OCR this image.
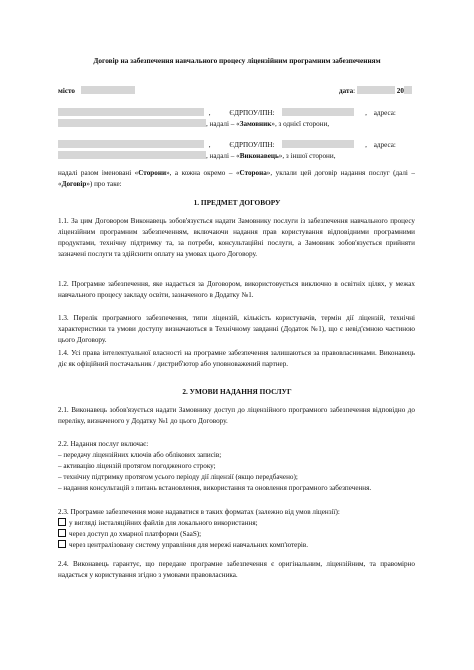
Договір на забезпечення навчального процесу ліцензійним програмним забезпеченням
місто	дата:	20
,	ЄДРПОУ/ІПН:	, адреса:
, надалі – «Замовник», з однієї сторони,
,	ЄДРПОУ/ІПН:	, адреса:
, надалі – «Виконавець», з іншої сторони,
надалі разом іменовані «Сторони», а кожна окремо – «Сторона», уклали цей договір надання послуг (далі – «Договір») про таке:
1. ПРЕДМЕТ ДОГОВОРУ
1.1. За цим Договором Виконавець зобов'язується надати Замовнику послуги із забезпечення навчального процесу ліцензійним програмним забезпеченням, включаючи надання прав користування відповідними програмними продуктами, технічну підтримку та, за потреби, консультаційні послуги, а Замовник зобов'язується прийняти зазначені послуги та здійснити оплату на умовах цього Договору.
1.2. Програмне забезпечення, яке надається за Договором, використовується виключно в освітніх цілях, у межах навчального процесу закладу освіти, зазначеного в Додатку №1.
1.3. Перелік програмного забезпечення, типи ліцензій, кількість користувачів, термін дії ліцензій, технічні характеристики та умови доступу визначаються в Технічному завданні (Додаток №1), що є невід'ємною частиною цього Договору.
1.4. Усі права інтелектуальної власності на програмне забезпечення залишаються за правовласниками. Виконавець діє як офіційний постачальник / дистриб'ютор або уповноважений партнер.
2. УМОВИ НАДАННЯ ПОСЛУГ
2.1. Виконавець зобов'язується надати Замовнику доступ до ліцензійного програмного забезпечення відповідно до переліку, визначеного у Додатку №1 до цього Договору.
2.2. Надання послуг включає:
– передачу ліцензійних ключів або облікових записів;
– активацію ліцензій протягом погодженого строку;
– технічну підтримку протягом усього періоду дії ліцензії (якщо передбачено);
– надання консультацій з питань встановлення, використання та оновлення програмного забезпечення.
2.3. Програмне забезпечення може надаватися в таких форматах (залежно від умов ліцензії):
у вигляді інсталяційних файлів для локального використання;
через доступ до хмарної платформи (SaaS);
через централізовану систему управління для мережі навчальних комп'ютерів.
2.4. Виконавець гарантує, що передане програмне забезпечення є оригінальним, ліцензійним, та правомірно надається у користування згідно з умовами правовласника.
